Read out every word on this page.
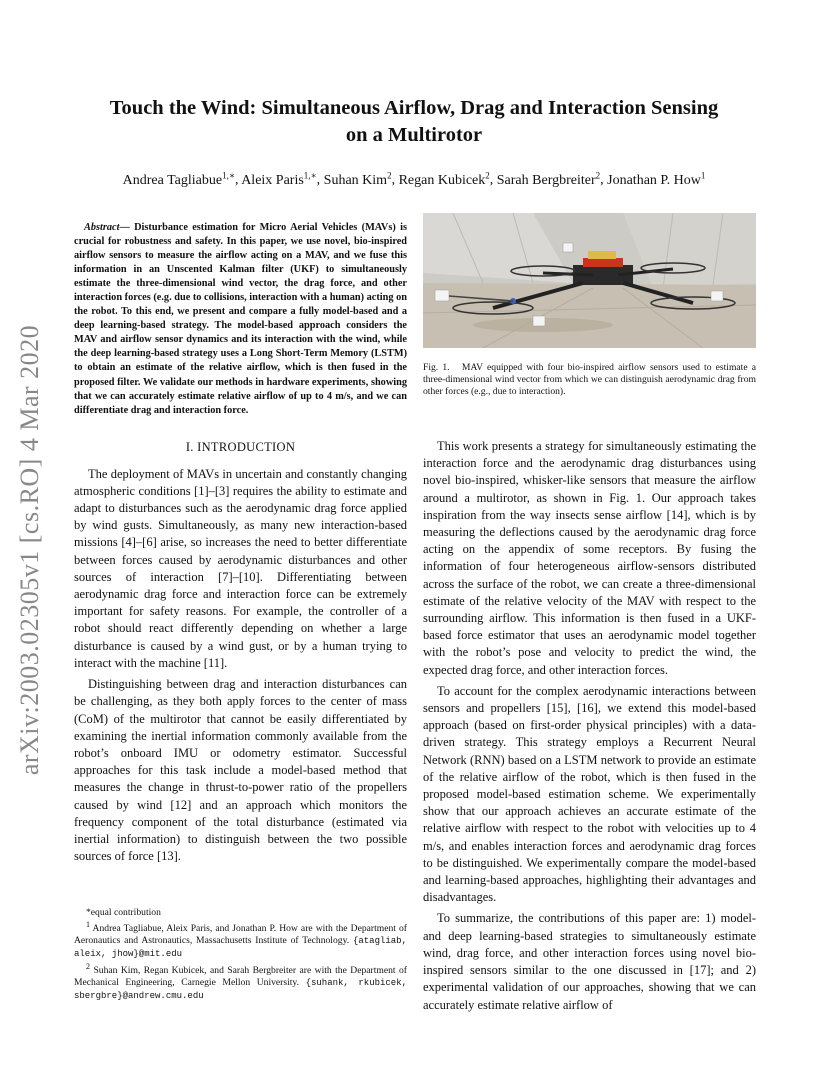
arXiv:2003.02305v1 [cs.RO] 4 Mar 2020
Touch the Wind: Simultaneous Airflow, Drag and Interaction Sensing
on a Multirotor
Andrea Tagliabue$^{1,∗}$, Aleix Paris$^{1,∗}$, Suhan Kim$^2$, Regan Kubicek$^2$, Sarah Bergbreiter$^2$, Jonathan P. How$^1$
Abstract— Disturbance estimation for Micro Aerial Vehicles (MAVs) is crucial for robustness and safety. In this paper, we use novel, bio-inspired airflow sensors to measure the airflow acting on a MAV, and we fuse this information in an Unscented Kalman filter (UKF) to simultaneously estimate the three-dimensional wind vector, the drag force, and other interaction forces (e.g. due to collisions, interaction with a human) acting on the robot. To this end, we present and compare a fully model-based and a deep learning-based strategy. The model-based approach considers the MAV and airflow sensor dynamics and its interaction with the wind, while the deep learning-based strategy uses a Long Short-Term Memory (LSTM) to obtain an estimate of the relative airflow, which is then fused in the proposed filter. We validate our methods in hardware experiments, showing that we can accurately estimate relative airflow of up to 4 m/s, and we can differentiate drag and interaction force.

I. INTRODUCTION

The deployment of MAVs in uncertain and constantly changing atmospheric conditions [1]–[3] requires the ability to estimate and adapt to disturbances such as the aerodynamic drag force applied by wind gusts. Simultaneously, as many new interaction-based missions [4]–[6] arise, so increases the need to better differentiate between forces caused by aerodynamic disturbances and other sources of interaction [7]–[10]. Differentiating between aerodynamic drag force and interaction force can be extremely important for safety reasons. For example, the controller of a robot should react differently depending on whether a large disturbance is caused by a wind gust, or by a human trying to interact with the machine [11].

Distinguishing between drag and interaction disturbances can be challenging, as they both apply forces to the center of mass (CoM) of the multirotor that cannot be easily differentiated by examining the inertial information commonly available from the robot’s onboard IMU or odometry estimator. Successful approaches for this task include a model-based method that measures the change in thrust-to-power ratio of the propellers caused by wind [12] and an approach which monitors the frequency component of the total disturbance (estimated via inertial information) to distinguish between the two possible sources of force [13].

*equal contribution
$^1$ Andrea Tagliabue, Aleix Paris, and Jonathan P. How are with the Department of Aeronautics and Astronautics, Massachusetts Institute of Technology. {atagliab, aleix, jhow}@mit.edu
$^2$ Suhan Kim, Regan Kubicek, and Sarah Bergbreiter are with the Department of Mechanical Engineering, Carnegie Mellon University. {suhank, rkubicek, sbergbre}@andrew.cmu.edu
Fig. 1. MAV equipped with four bio-inspired airflow sensors used to estimate a three-dimensional wind vector from which we can distinguish aerodynamic drag from other forces (e.g., due to interaction).

This work presents a strategy for simultaneously estimating the interaction force and the aerodynamic drag disturbances using novel bio-inspired, whisker-like sensors that measure the airflow around a multirotor, as shown in Fig. 1. Our approach takes inspiration from the way insects sense airflow [14], which is by measuring the deflections caused by the aerodynamic drag force acting on the appendix of some receptors. By fusing the information of four heterogeneous airflow-sensors distributed across the surface of the robot, we can create a three-dimensional estimate of the relative velocity of the MAV with respect to the surrounding airflow. This information is then fused in a UKF-based force estimator that uses an aerodynamic model together with the robot’s pose and velocity to predict the wind, the expected drag force, and other interaction forces.

To account for the complex aerodynamic interactions between sensors and propellers [15], [16], we extend this model-based approach (based on first-order physical principles) with a data-driven strategy. This strategy employs a Recurrent Neural Network (RNN) based on a LSTM network to provide an estimate of the relative airflow of the robot, which is then fused in the proposed model-based estimation scheme. We experimentally show that our approach achieves an accurate estimate of the relative airflow with respect to the robot with velocities up to 4 m/s, and enables interaction forces and aerodynamic drag forces to be distinguished. We experimentally compare the model-based and learning-based approaches, highlighting their advantages and disadvantages.

To summarize, the contributions of this paper are: 1) model- and deep learning-based strategies to simultaneously estimate wind, drag force, and other interaction forces using novel bio-inspired sensors similar to the one discussed in [17]; and 2) experimental validation of our approaches, showing that we can accurately estimate relative airflow of
